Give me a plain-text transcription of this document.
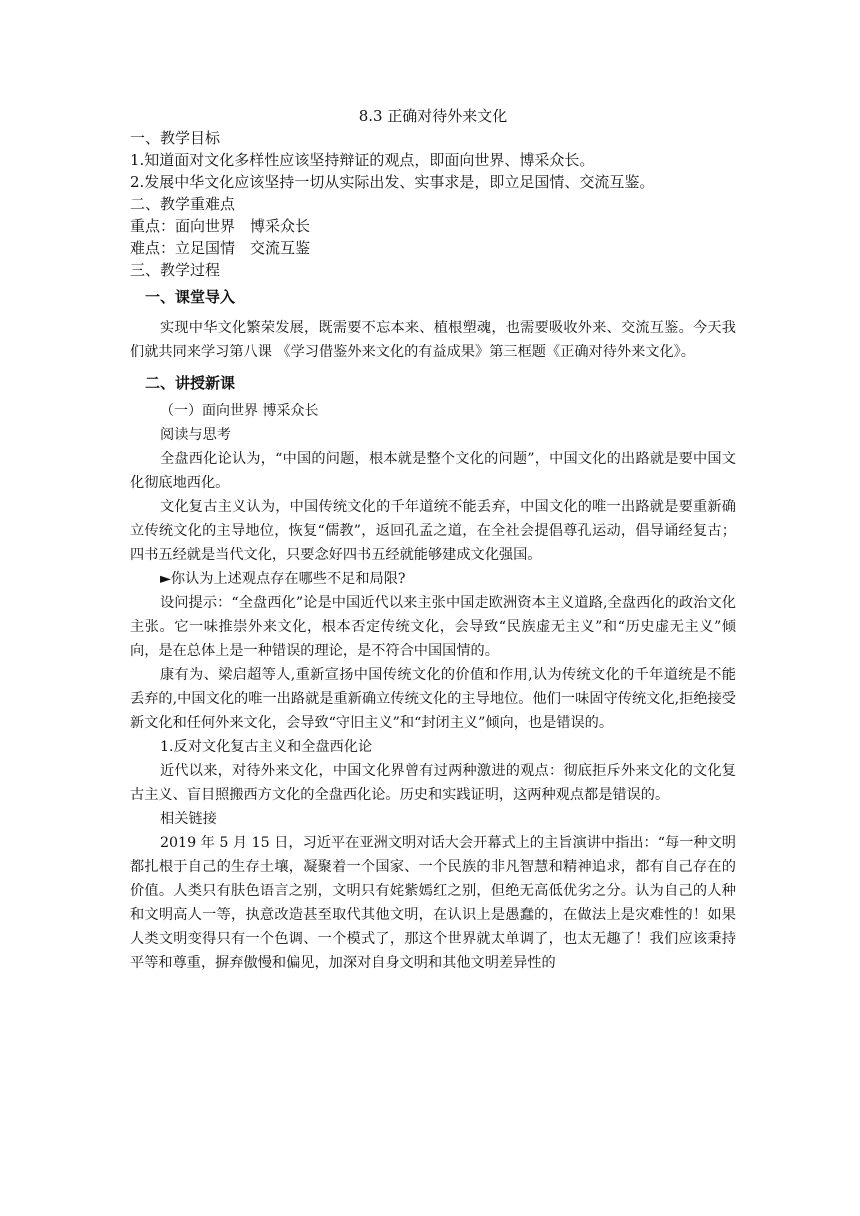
8.3 正确对待外来文化

一、教学目标

1.知道面对文化多样性应该坚持辩证的观点，即面向世界、博采众长。

2.发展中华文化应该坚持一切从实际出发、实事求是，即立足国情、交流互鉴。

二、教学重难点

重点：面向世界　博采众长

难点：立足国情　交流互鉴

三、教学过程

一、课堂导入

实现中华文化繁荣发展，既需要不忘本来、植根塑魂，也需要吸收外来、交流互鉴。今天我们就共同来学习第八课 《学习借鉴外来文化的有益成果》第三框题《正确对待外来文化》。

二、讲授新课

（一）面向世界 博采众长

阅读与思考

全盘西化论认为，“中国的问题，根本就是整个文化的问题”，中国文化的出路就是要中国文化彻底地西化。

文化复古主义认为，中国传统文化的千年道统不能丢弃，中国文化的唯一出路就是要重新确立传统文化的主导地位，恢复“儒教”，返回孔孟之道，在全社会提倡尊孔运动，倡导诵经复古；四书五经就是当代文化，只要念好四书五经就能够建成文化强国。

►你认为上述观点存在哪些不足和局限?

设问提示：“全盘西化”论是中国近代以来主张中国走欧洲资本主义道路,全盘西化的政治文化主张。它一味推崇外来文化，根本否定传统文化，会导致“民族虚无主义”和“历史虚无主义”倾向，是在总体上是一种错误的理论，是不符合中国国情的。

康有为、梁启超等人,重新宣扬中国传统文化的价值和作用,认为传统文化的千年道统是不能丢弃的,中国文化的唯一出路就是重新确立传统文化的主导地位。他们一味固守传统文化,拒绝接受新文化和任何外来文化，会导致“守旧主义”和“封闭主义”倾向，也是错误的。

1.反对文化复古主义和全盘西化论

近代以来，对待外来文化，中国文化界曾有过两种激进的观点：彻底拒斥外来文化的文化复古主义、盲目照搬西方文化的全盘西化论。历史和实践证明，这两种观点都是错误的。

相关链接

2019 年 5 月 15 日，习近平在亚洲文明对话大会开幕式上的主旨演讲中指出：“每一种文明都扎根于自己的生存土壤，凝聚着一个国家、一个民族的非凡智慧和精神追求，都有自己存在的价值。人类只有肤色语言之别，文明只有姹紫嫣红之别，但绝无高低优劣之分。认为自己的人种和文明高人一等，执意改造甚至取代其他文明，在认识上是愚蠢的，在做法上是灾难性的！如果人类文明变得只有一个色调、一个模式了，那这个世界就太单调了，也太无趣了！我们应该秉持平等和尊重，摒弃傲慢和偏见，加深对自身文明和其他文明差异性的
